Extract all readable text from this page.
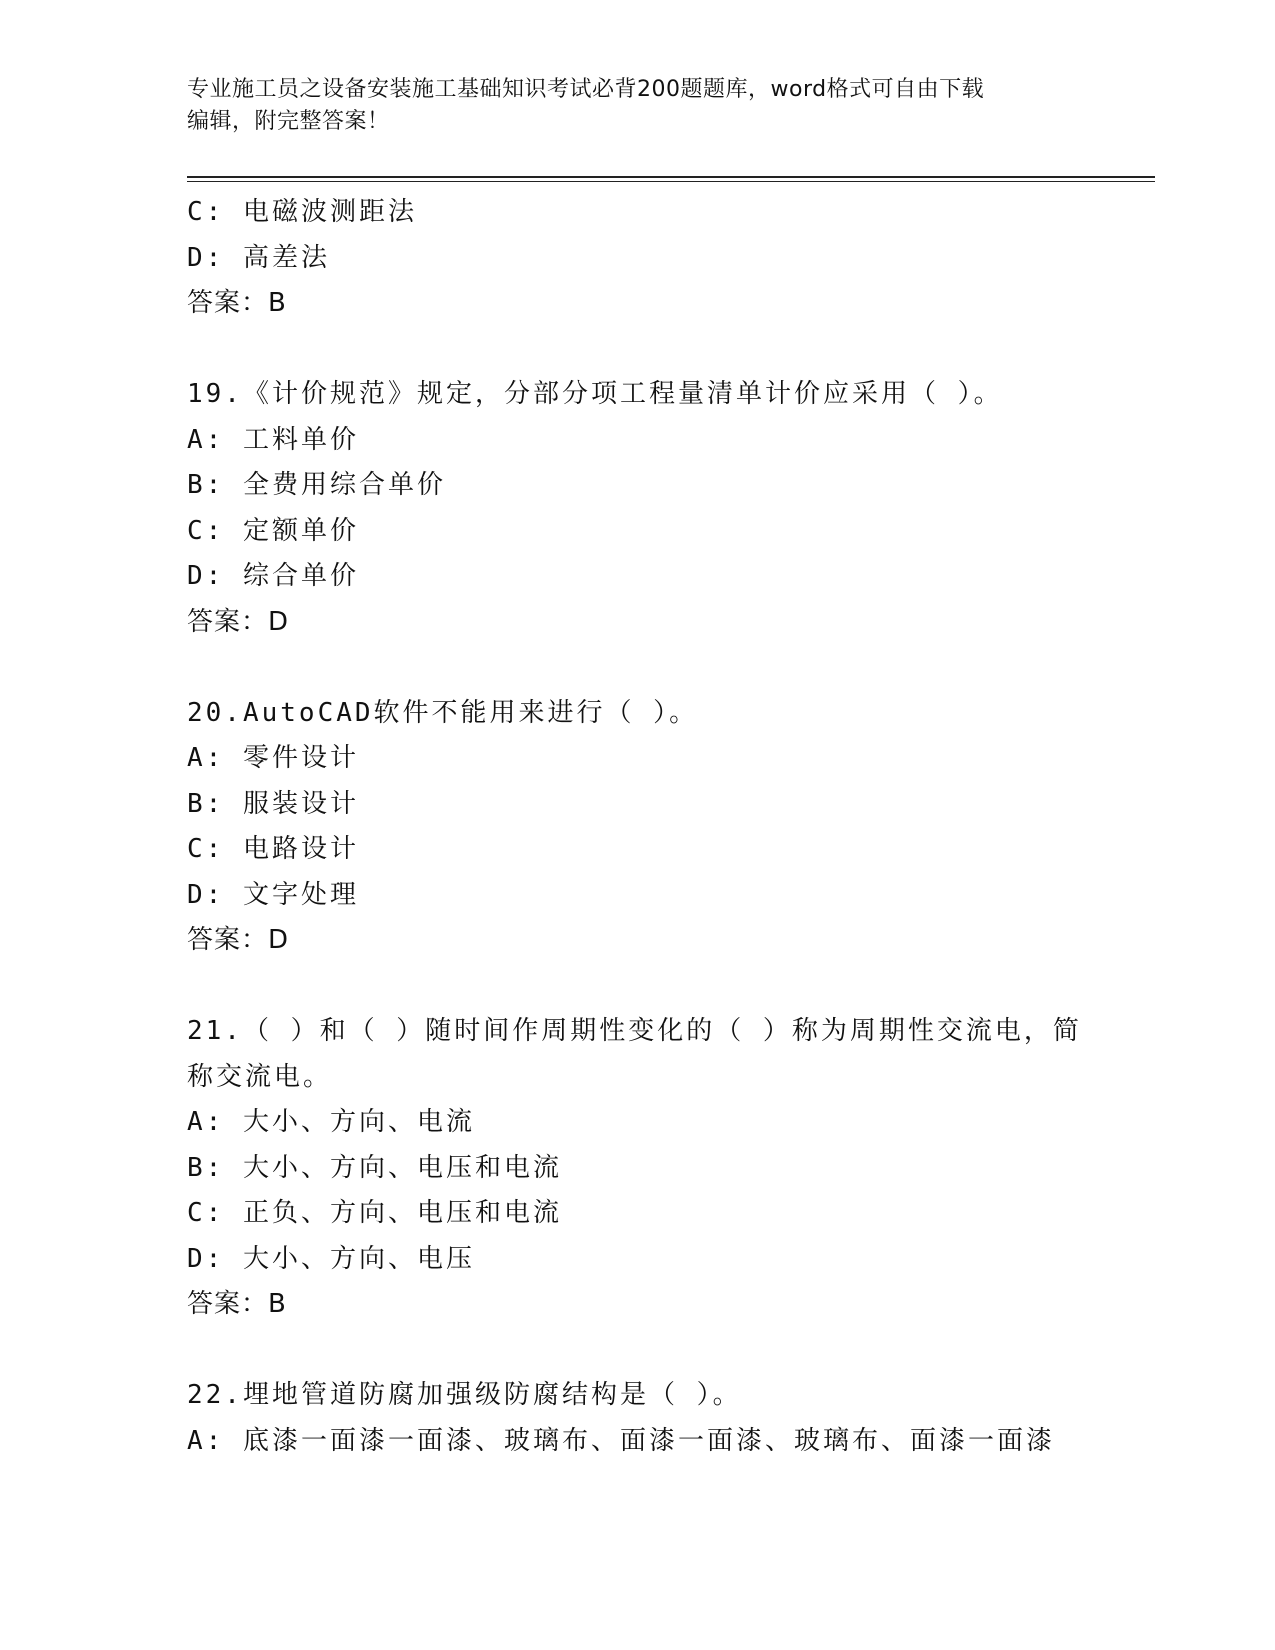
专业施工员之设备安装施工基础知识考试必背200题题库，word格式可自由下载
编辑，附完整答案！
C: 电磁波测距法
D: 高差法
答案：B
19.《计价规范》规定，分部分项工程量清单计价应采用（ ）。
A: 工料单价
B: 全费用综合单价
C: 定额单价
D: 综合单价
答案：D
20.AutoCAD软件不能用来进行（ ）。
A: 零件设计
B: 服装设计
C: 电路设计
D: 文字处理
答案：D
21.（ ）和（ ）随时间作周期性变化的（ ）称为周期性交流电，简
称交流电。
A: 大小、方向、电流
B: 大小、方向、电压和电流
C: 正负、方向、电压和电流
D: 大小、方向、电压
答案：B
22.埋地管道防腐加强级防腐结构是（ ）。
A: 底漆一面漆一面漆、玻璃布、面漆一面漆、玻璃布、面漆一面漆
